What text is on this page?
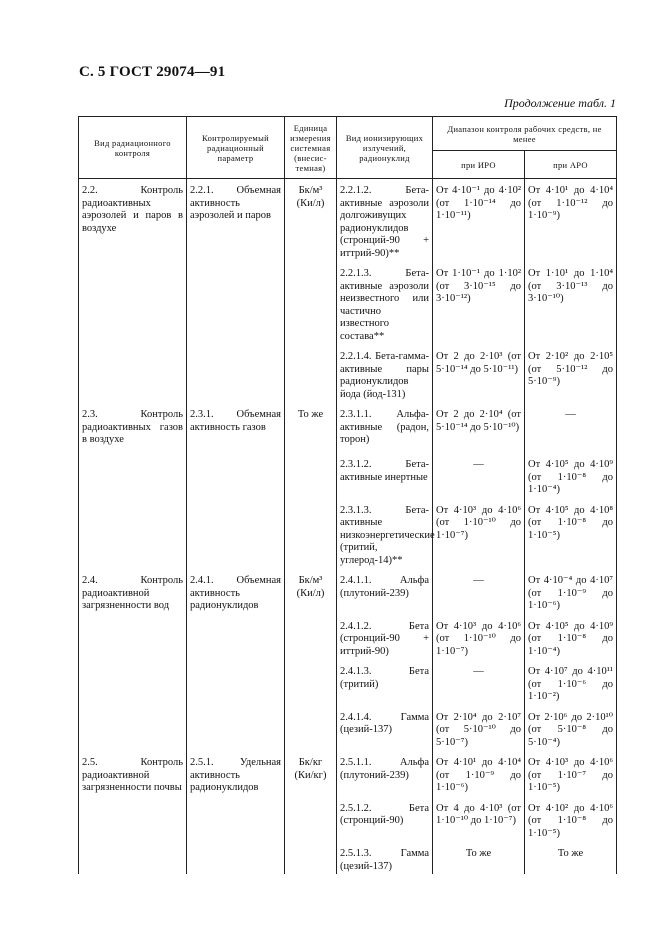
С. 5 ГОСТ 29074—91
Продолжение табл. 1
Вид радиационного контроля	Контролируемый радиационный параметр	Единица измерения системная (внесис-темная)	Вид ионизирующих излучений, радионуклид	Диапазон контроля рабочих средств, не менее	
				при ИРО	при АРО
2.2. Контроль радиоактивных аэрозолей и паров в воздухе	2.2.1. Объемная активность аэрозолей и паров	Бк/м³ (Ки/л)	2.2.1.2. Бета-активные аэрозоли долгоживущих радионуклидов (стронций-90 + иттрий-90)**	От 4·10⁻¹ до 4·10² (от 1·10⁻¹⁴ до 1·10⁻¹¹)	От 4·10¹ до 4·10⁴ (от 1·10⁻¹² до 1·10⁻⁹)
			2.2.1.3. Бета-активные аэрозоли неизвестного или частично известного состава**	От 1·10⁻¹ до 1·10² (от 3·10⁻¹⁵ до 3·10⁻¹²)	От 1·10¹ до 1·10⁴ (от 3·10⁻¹³ до 3·10⁻¹⁰)
			2.2.1.4. Бета-гамма-активные пары радионуклидов йода (йод-131)	От 2 до 2·10³ (от 5·10⁻¹⁴ до 5·10⁻¹¹)	От 2·10² до 2·10⁵ (от 5·10⁻¹² до 5·10⁻⁹)
2.3. Контроль радиоактивных газов в воздухе	2.3.1. Объемная активность газов	То же	2.3.1.1. Альфа-активные (радон, торон)	От 2 до 2·10⁴ (от 5·10⁻¹⁴ до 5·10⁻¹⁰)	—
			2.3.1.2. Бета-активные инертные	—	От 4·10⁵ до 4·10⁹ (от 1·10⁻⁸ до 1·10⁻⁴)
			2.3.1.3. Бета-активные низкоэнергетические (тритий, углерод-14)**	От 4·10³ до 4·10⁶ (от 1·10⁻¹⁰ до 1·10⁻⁷)	От 4·10⁵ до 4·10⁸ (от 1·10⁻⁸ до 1·10⁻⁵)
2.4. Контроль радиоактивной загрязненности вод	2.4.1. Объемная активность радионуклидов	Бк/м³ (Ки/л)	2.4.1.1. Альфа (плутоний-239)	—	От 4·10⁻⁴ до 4·10⁷ (от 1·10⁻⁹ до 1·10⁻⁶)
			2.4.1.2. Бета (стронций-90 + иттрий-90)	От 4·10³ до 4·10⁶ (от 1·10⁻¹⁰ до 1·10⁻⁷)	От 4·10⁵ до 4·10⁹ (от 1·10⁻⁸ до 1·10⁻⁴)
			2.4.1.3. Бета (тритий)	—	От 4·10⁷ до 4·10¹¹ (от 1·10⁻⁶ до 1·10⁻²)
			2.4.1.4. Гамма (цезий-137)	От 2·10⁴ до 2·10⁷ (от 5·10⁻¹⁰ до 5·10⁻⁷)	От 2·10⁶ до 2·10¹⁰ (от 5·10⁻⁸ до 5·10⁻⁴)
2.5. Контроль радиоактивной загрязненности почвы	2.5.1. Удельная активность радионуклидов	Бк/кг (Ки/кг)	2.5.1.1. Альфа (плутоний-239)	От 4·10¹ до 4·10⁴ (от 1·10⁻⁹ до 1·10⁻⁶)	От 4·10³ до 4·10⁶ (от 1·10⁻⁷ до 1·10⁻⁵)
			2.5.1.2. Бета (стронций-90)	От 4 до 4·10³ (от 1·10⁻¹⁰ до 1·10⁻⁷)	От 4·10² до 4·10⁶ (от 1·10⁻⁸ до 1·10⁻⁵)
			2.5.1.3. Гамма (цезий-137)	То же	То же
